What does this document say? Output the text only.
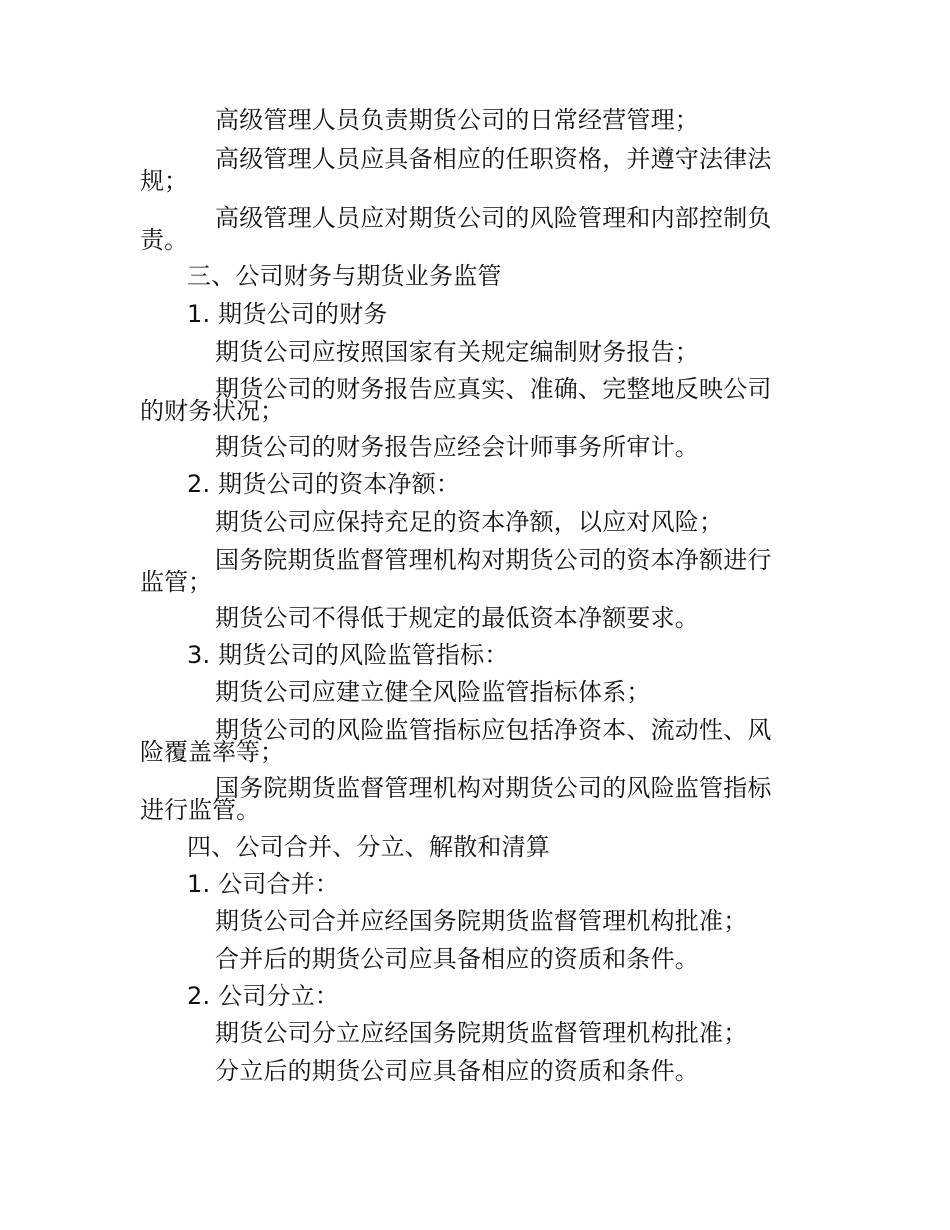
高级管理人员负责期货公司的日常经营管理；
高级管理人员应具备相应的任职资格，并遵守法律法
规；
高级管理人员应对期货公司的风险管理和内部控制负
责。
三、公司财务与期货业务监管
1. 期货公司的财务
期货公司应按照国家有关规定编制财务报告；
期货公司的财务报告应真实、准确、完整地反映公司
的财务状况；
期货公司的财务报告应经会计师事务所审计。
2. 期货公司的资本净额：
期货公司应保持充足的资本净额，以应对风险；
国务院期货监督管理机构对期货公司的资本净额进行
监管；
期货公司不得低于规定的最低资本净额要求。
3. 期货公司的风险监管指标：
期货公司应建立健全风险监管指标体系；
期货公司的风险监管指标应包括净资本、流动性、风
险覆盖率等；
国务院期货监督管理机构对期货公司的风险监管指标
进行监管。
四、公司合并、分立、解散和清算
1. 公司合并：
期货公司合并应经国务院期货监督管理机构批准；
合并后的期货公司应具备相应的资质和条件。
2. 公司分立：
期货公司分立应经国务院期货监督管理机构批准；
分立后的期货公司应具备相应的资质和条件。
